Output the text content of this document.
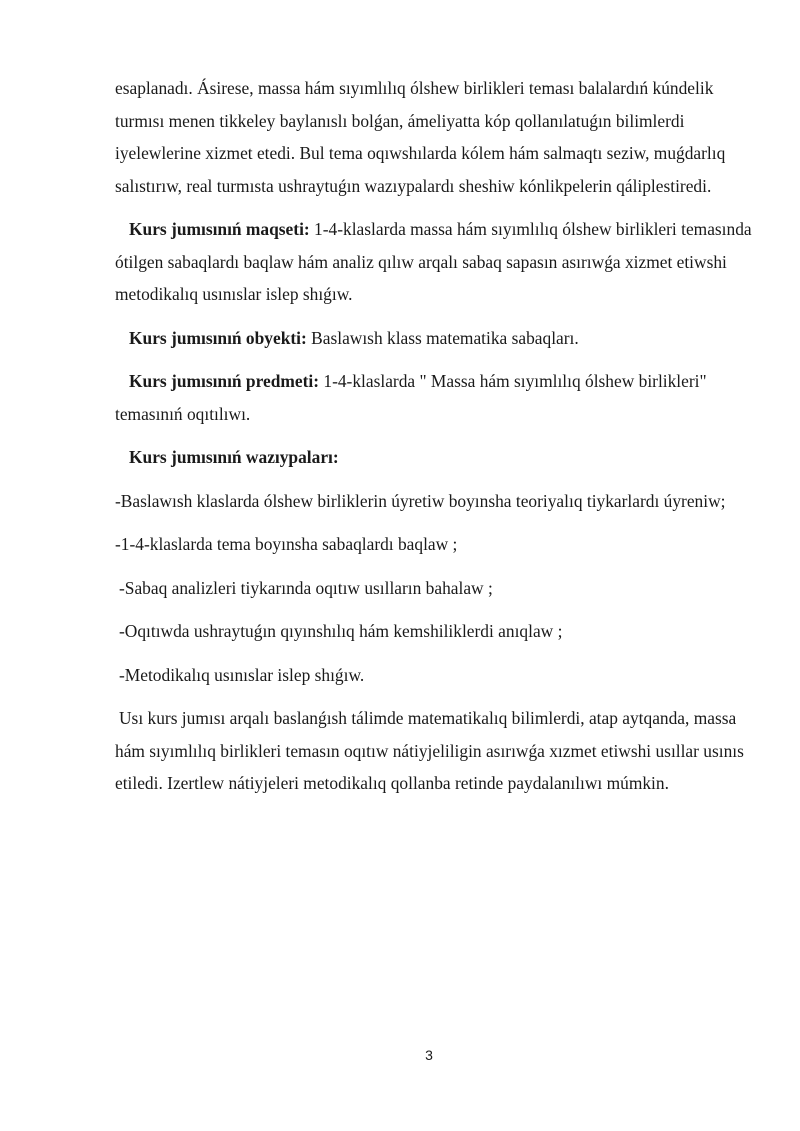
esaplanadı. Ásirese, massa hám sıyımlılıq ólshew birlikleri teması balalardıń kúndelik turmısı menen tikkeley baylanıslı bolǵan, ámeliyatta kóp qollanılatuǵın bilimlerdi iyelewlerine xizmet etedi. Bul tema oqıwshılarda kólem hám salmaqtı seziw, muǵdarlıq salıstırıw, real turmısta ushraytuǵın wazıypalardı sheshiw kónlikpelerin qáliplestiredi.

Kurs jumısınıń maqseti: 1-4-klaslarda massa hám sıyımlılıq ólshew birlikleri temasında ótilgen sabaqlardı baqlaw hám analiz qılıw arqalı sabaq sapasın asırıwǵa xizmet etiwshi metodikalıq usınıslar islep shıǵıw.

Kurs jumısınıń obyekti: Baslawısh klass matematika sabaqları.

Kurs jumısınıń predmeti: 1-4-klaslarda " Massa hám sıyımlılıq ólshew birlikleri" temasınıń oqıtılıwı.

Kurs jumısınıń wazıypaları:

-Baslawısh klaslarda ólshew birliklerin úyretiw boyınsha teoriyalıq tiykarlardı úyreniw;

-1-4-klaslarda tema boyınsha sabaqlardı baqlaw ;

-Sabaq analizleri tiykarında oqıtıw usılların bahalaw ;

-Oqıtıwda ushraytuǵın qıyınshılıq hám kemshiliklerdi anıqlaw ;

-Metodikalıq usınıslar islep shıǵıw.

Usı kurs jumısı arqalı baslanǵısh tálimde matematikalıq bilimlerdi, atap aytqanda, massa hám sıyımlılıq birlikleri temasın oqıtıw nátiyjeliligin asırıwǵa xızmet etiwshi usıllar usınıs etiledi. Izertlew nátiyjeleri metodikalıq qollanba retinde paydalanılıwı múmkin.

3
